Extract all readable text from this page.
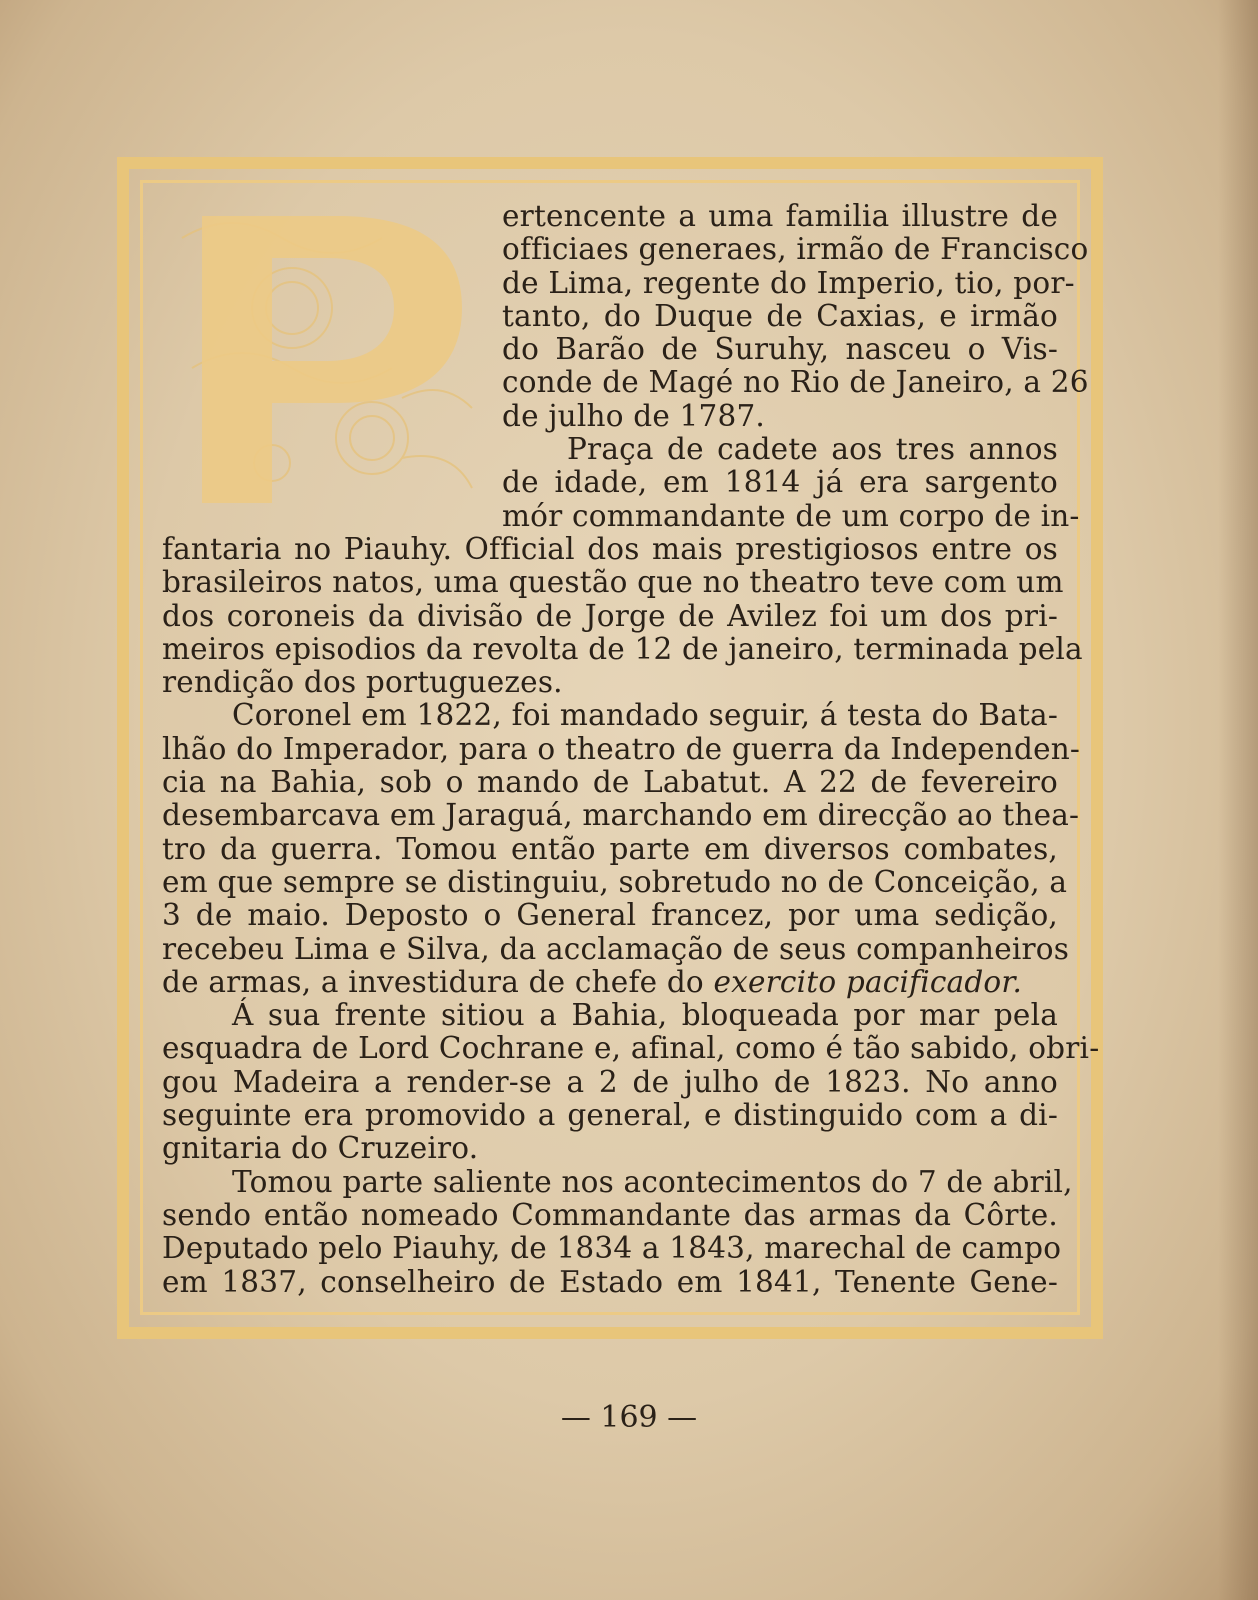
ertencente a uma familia illustre de
officiaes generaes, irmão de Francisco
de Lima, regente do Imperio, tio, por-
tanto, do Duque de Caxias, e irmão
do Barão de Suruhy, nasceu o Vis-
conde de Magé no Rio de Janeiro, a 26
de julho de 1787.
Praça de cadete aos tres annos
de idade, em 1814 já era sargento
mór commandante de um corpo de in-
fantaria no Piauhy. Official dos mais prestigiosos entre os
brasileiros natos, uma questão que no theatro teve com um
dos coroneis da divisão de Jorge de Avilez foi um dos pri-
meiros episodios da revolta de 12 de janeiro, terminada pela
rendição dos portuguezes.
Coronel em 1822, foi mandado seguir, á testa do Bata-
lhão do Imperador, para o theatro de guerra da Independen-
cia na Bahia, sob o mando de Labatut. A 22 de fevereiro
desembarcava em Jaraguá, marchando em direcção ao thea-
tro da guerra. Tomou então parte em diversos combates,
em que sempre se distinguiu, sobretudo no de Conceição, a
3 de maio. Deposto o General francez, por uma sedição,
recebeu Lima e Silva, da acclamação de seus companheiros
de armas, a investidura de chefe do exercito pacificador.
Á sua frente sitiou a Bahia, bloqueada por mar pela
esquadra de Lord Cochrane e, afinal, como é tão sabido, obri-
gou Madeira a render-se a 2 de julho de 1823. No anno
seguinte era promovido a general, e distinguido com a di-
gnitaria do Cruzeiro.
Tomou parte saliente nos acontecimentos do 7 de abril,
sendo então nomeado Commandante das armas da Côrte.
Deputado pelo Piauhy, de 1834 a 1843, marechal de campo
em 1837, conselheiro de Estado em 1841, Tenente Gene-
— 169 —
